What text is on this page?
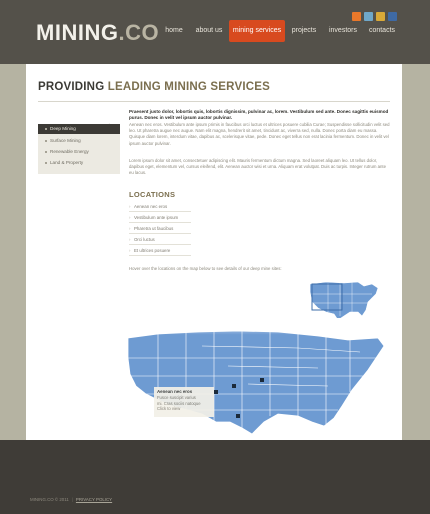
MINING.CO home	about us	mining services	projects	investors	contacts
PROVIDING LEADING MINING SERVICES
Deep Mining
Surface Mining
Renewable Energy
Land & Property
Praesent justo dolor, lobortis quis, lobortis dignissim, pulvinar ac, lorem. Vestibulum sed ante. Donec sagittis euismod purus. Donec in velit vel ipsum auctor pulvinar.
Aenean nec eros. Vestibulum ante ipsum primis in faucibus orci luctus et ultrices posuere cubilia Curae; Suspendisse sollicitudin velit sed leo. Ut pharetra augue nec augue. Nam elit magna, hendrerit sit amet, tincidunt ac, viverra sed, nulla. Donec porta diam eu massa. Quisque diam lorem, interdum vitae, dapibus ac, scelerisque vitae, pede. Donec eget tellus non erat lacinia fermentum. Donec in velit vel ipsum auctor pulvinar.
Lorem ipsum dolor sit amet, consectetuer adipiscing elit. Mauris fermentum dictum magna. Sed laoreet aliquam leo. Ut tellus dolor, dapibus eget, elementum vel, cursus eleifend, elit. Aenean auctor wisi et urna. Aliquam erat volutpat. Duis ac turpis. Integer rutrum ante eu lacus.
LOCATIONS
› Aenean nec eros
› Vestibulum ante ipsum
› Pharetra ut faucibus
› Orci luctus
› Et ultrices posuere
Hover over the locations on the map below to see details of our deep mine sites:
Aenean nec eros
Fusce suscipit varius
mi. Cras sociis natoque
Click to view
MINING.CO © 2011 | PRIVACY POLICY
